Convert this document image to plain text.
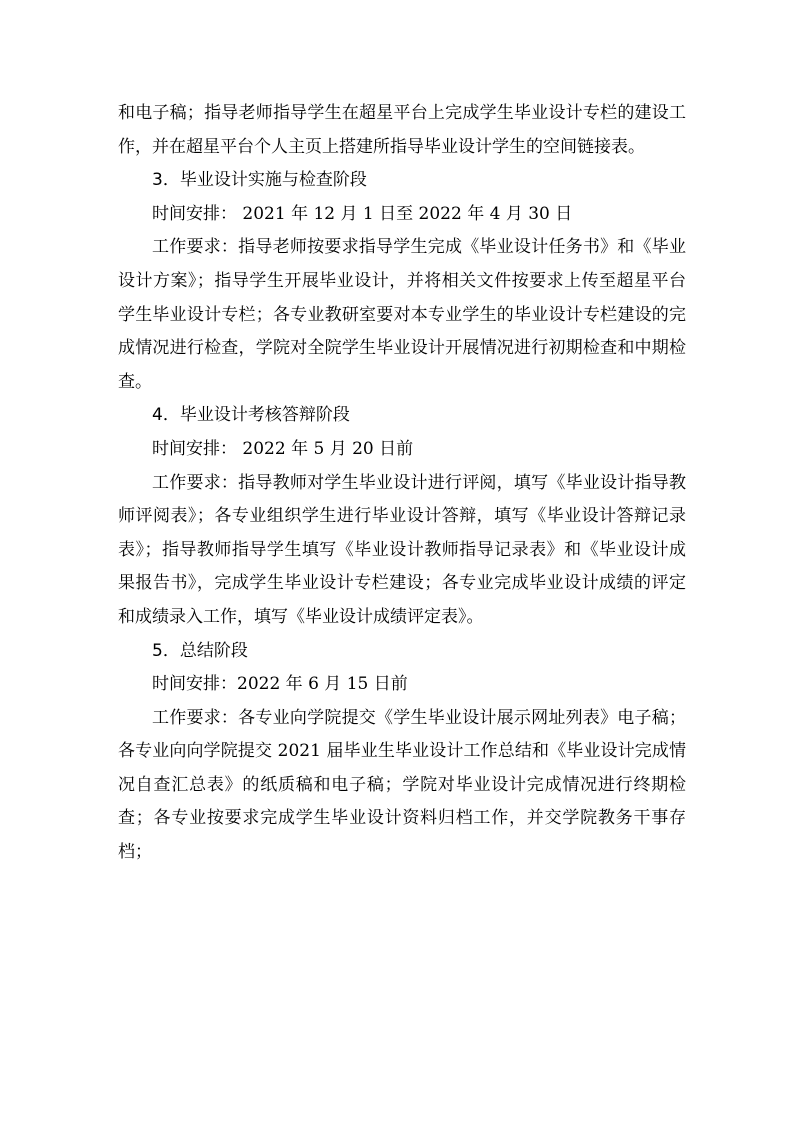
和电子稿；指导老师指导学生在超星平台上完成学生毕业设计专栏的建设工作，并在超星平台个人主页上搭建所指导毕业设计学生的空间链接表。

3．毕业设计实施与检查阶段

时间安排： 2021 年 12 月 1 日至 2022 年 4 月 30 日

工作要求：指导老师按要求指导学生完成《毕业设计任务书》和《毕业设计方案》；指导学生开展毕业设计，并将相关文件按要求上传至超星平台学生毕业设计专栏；各专业教研室要对本专业学生的毕业设计专栏建设的完成情况进行检查，学院对全院学生毕业设计开展情况进行初期检查和中期检查。

4．毕业设计考核答辩阶段

时间安排： 2022 年 5 月 20 日前

工作要求：指导教师对学生毕业设计进行评阅，填写《毕业设计指导教师评阅表》；各专业组织学生进行毕业设计答辩，填写《毕业设计答辩记录表》；指导教师指导学生填写《毕业设计教师指导记录表》和《毕业设计成果报告书》，完成学生毕业设计专栏建设；各专业完成毕业设计成绩的评定和成绩录入工作，填写《毕业设计成绩评定表》。

5．总结阶段

时间安排：2022 年 6 月 15 日前

工作要求：各专业向学院提交《学生毕业设计展示网址列表》电子稿；各专业向向学院提交 2021 届毕业生毕业设计工作总结和《毕业设计完成情况自查汇总表》的纸质稿和电子稿；学院对毕业设计完成情况进行终期检查；各专业按要求完成学生毕业设计资料归档工作，并交学院教务干事存档；
